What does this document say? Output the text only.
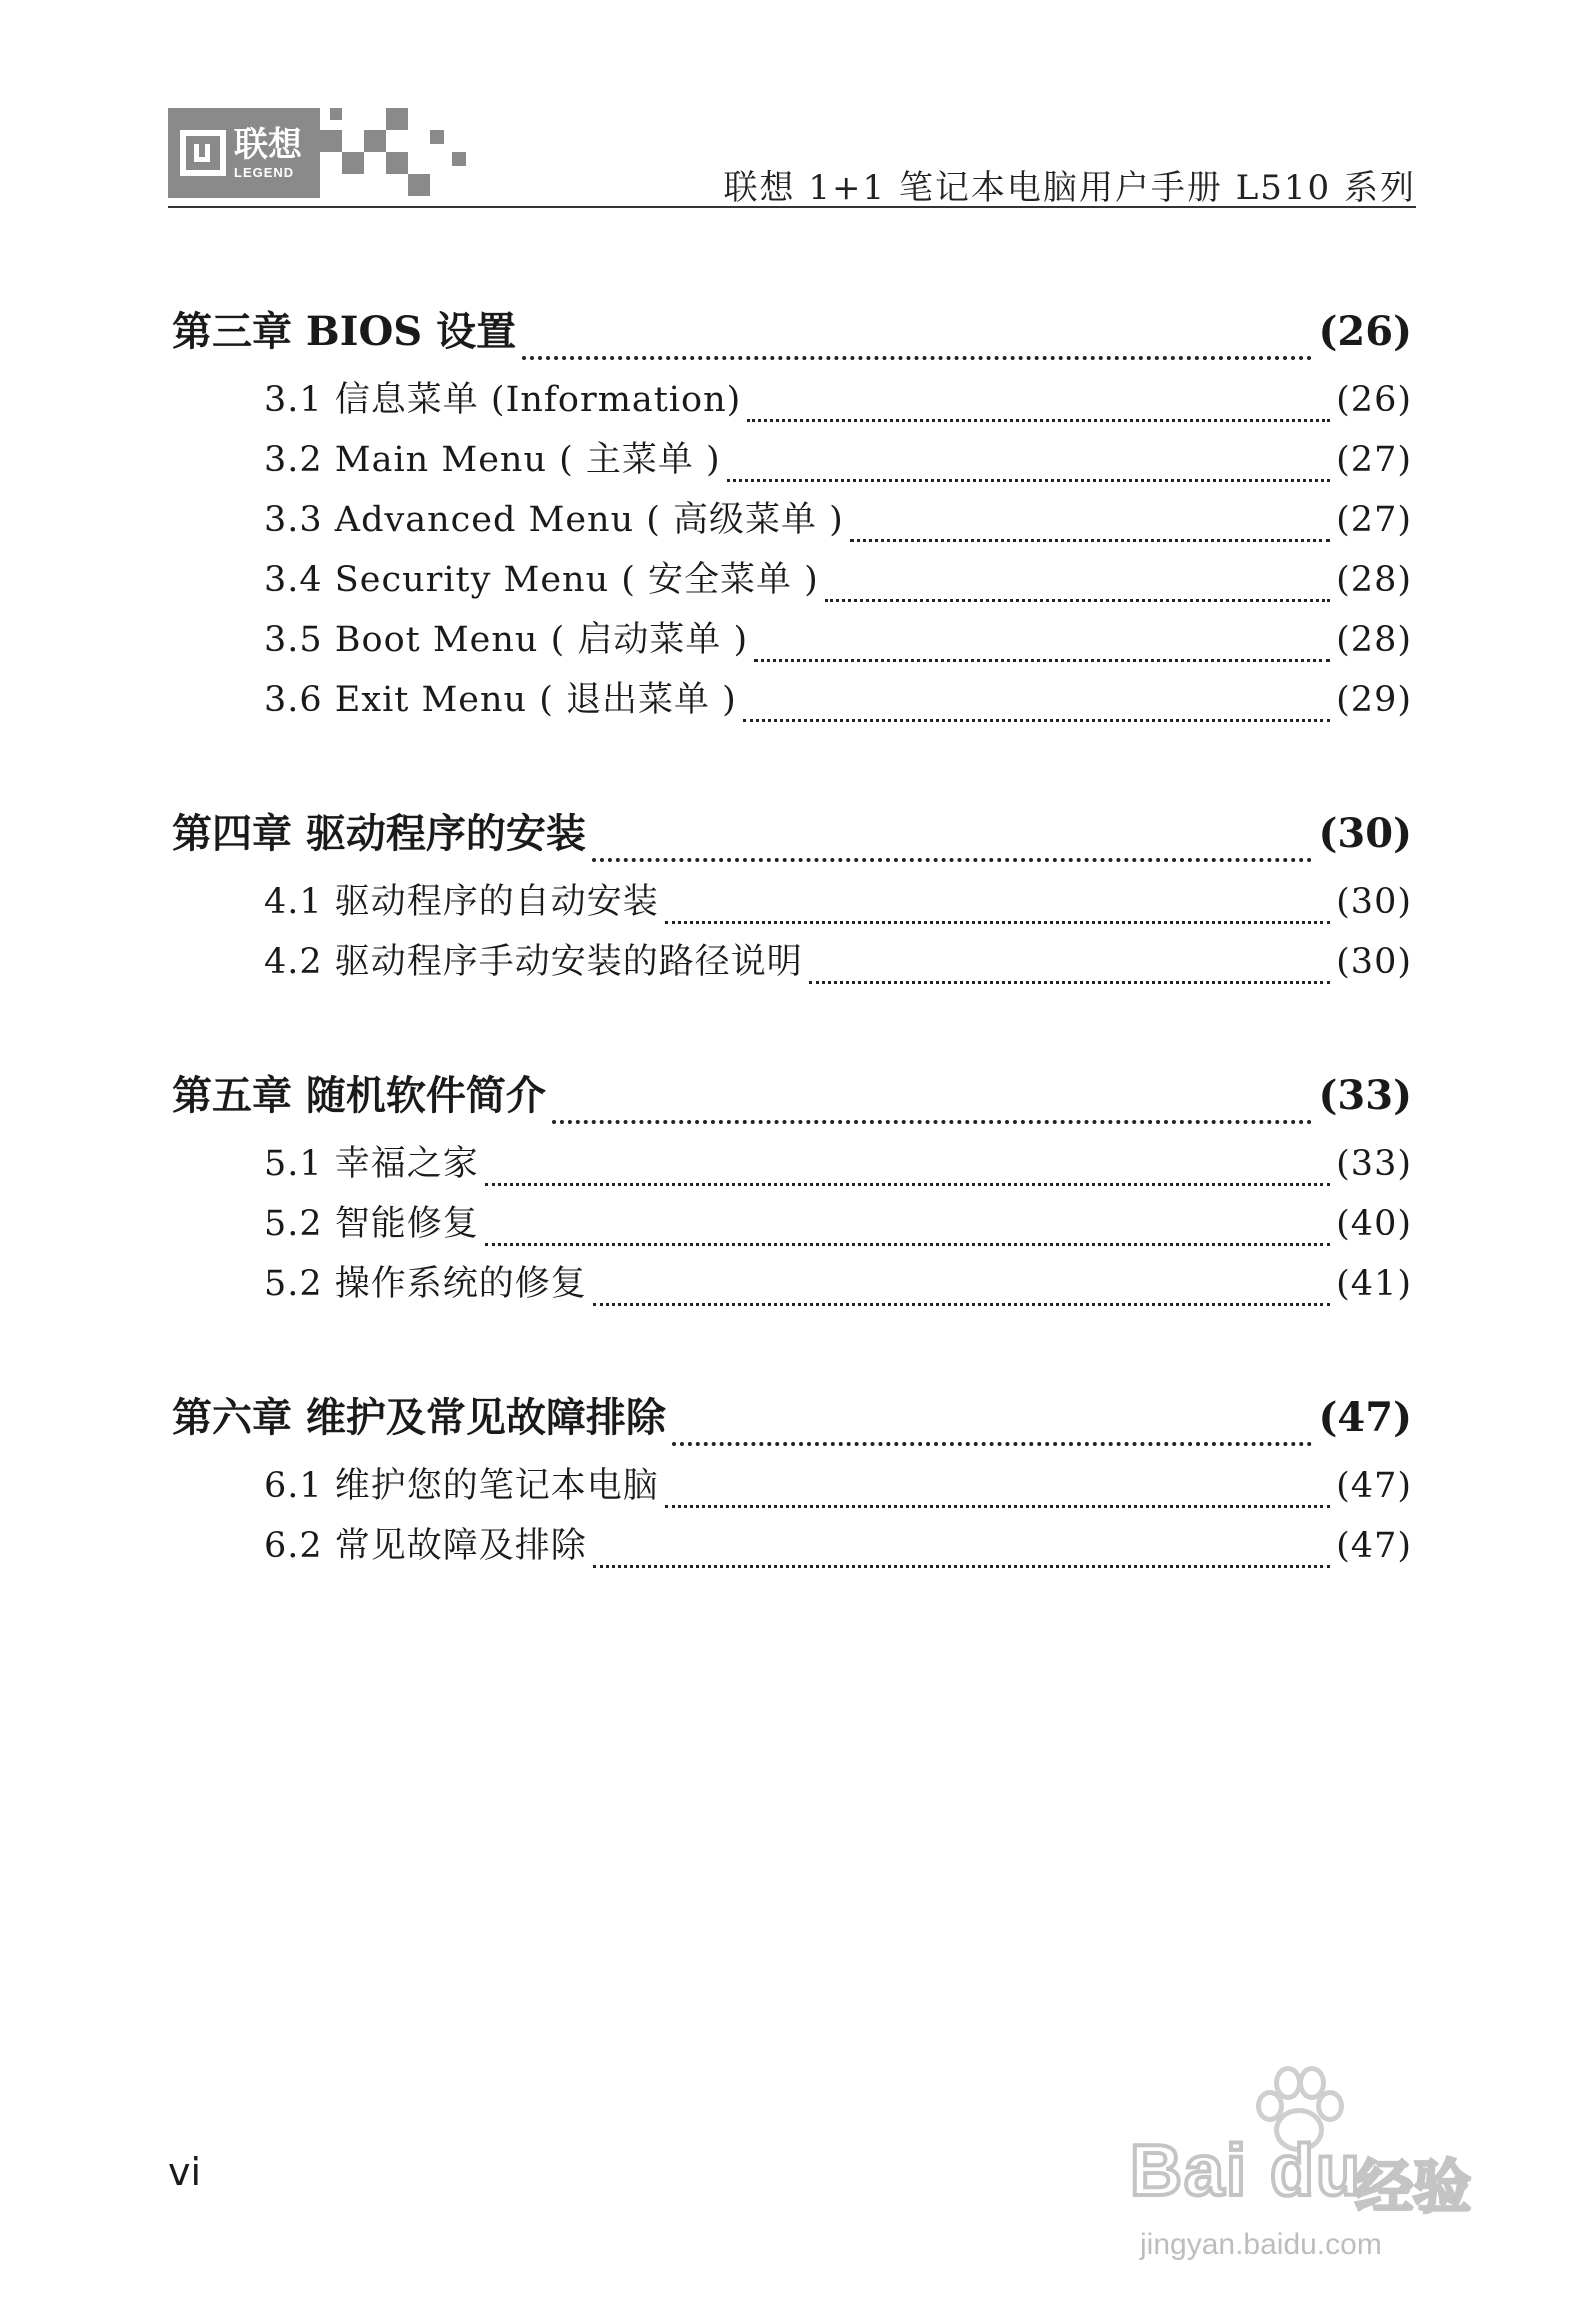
联想
LEGEND	联想 1+1 笔记本电脑用户手册 L510 系列
第三章 BIOS 设置	(26)
3.1 信息菜单 (Information)	(26)
3.2 Main Menu ( 主菜单 )	(27)
3.3 Advanced Menu ( 高级菜单 )	(27)
3.4 Security Menu ( 安全菜单 )	(28)
3.5 Boot Menu ( 启动菜单 )	(28)
3.6 Exit Menu ( 退出菜单 )	(29)
第四章 驱动程序的安装	(30)
4.1 驱动程序的自动安装	(30)
4.2 驱动程序手动安装的路径说明	(30)
第五章 随机软件简介	(33)
5.1 幸福之家	(33)
5.2 智能修复	(40)
5.2 操作系统的修复	(41)
第六章 维护及常见故障排除	(47)
6.1 维护您的笔记本电脑	(47)
6.2 常见故障及排除	(47)
vi	Bai du
经验
jingyan.baidu.com
